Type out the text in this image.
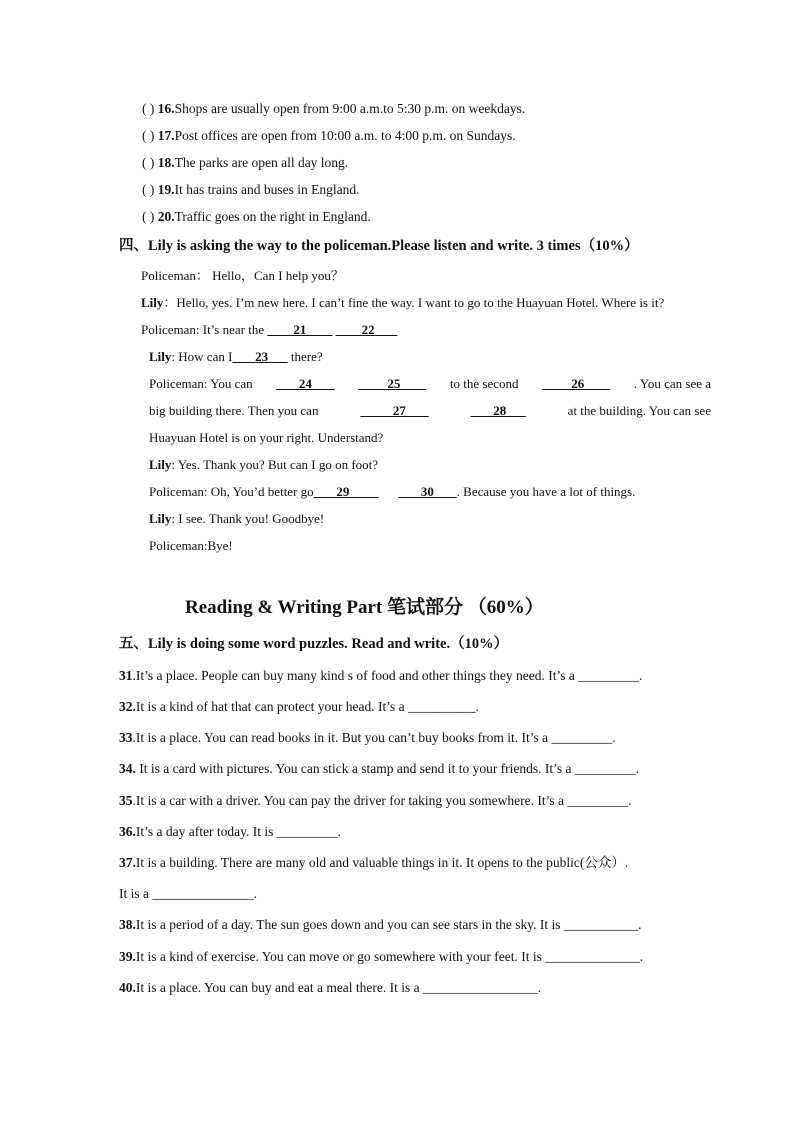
( ) 16.Shops are usually open from 9:00 a.m.to 5:30 p.m. on weekdays.
( ) 17.Post offices are open from 10:00 a.m. to 4:00 p.m. on Sundays.
( ) 18.The parks are open all day long.
( ) 19.It has trains and buses in England.
( ) 20.Traffic goes on the right in England.
四、Lily is asking the way to the policeman.Please listen and write. 3 times（10%）
Policeman： Hello，Can I help you？
Lily：Hello, yes. I’m new here. I can’t fine the way. I want to go to the Huayuan Hotel. Where is it?
Policeman: It’s near the         21	22
Lily: How can I 23 there?
Policeman: You can	24	25	to the second	26	. You can see a
big building there. Then you can	27	28	at the building. You can see
Huayuan Hotel is on your right. Understand?
Lily: Yes. Thank you? But can I go on foot?
Policeman: Oh, You’d better go 29	30 . Because you have a lot of things.
Lily: I see. Thank you! Goodbye!
Policeman:Bye!
Reading & Writing Part 笔试部分 （60%）
五、Lily is doing some word puzzles. Read and write.（10%）
31.It’s a place. People can buy many kind s of food and other things they need. It’s a _________.
32.It is a kind of hat that can protect your head. It’s a __________.
33.It is a place. You can read books in it. But you can’t buy books from it. It’s a _________.
34. It is a card with pictures. You can stick a stamp and send it to your friends. It’s a _________.
35.It is a car with a driver. You can pay the driver for taking you somewhere. It’s a _________.
36.It’s a day after today. It is _________.
37.It is a building. There are many old and valuable things in it. It opens to the public(公众）.
It is a _______________.
38.It is a period of a day. The sun goes down and you can see stars in the sky. It is ___________.
39.It is a kind of exercise. You can move or go somewhere with your feet. It is ______________.
40.It is a place. You can buy and eat a meal there. It is a _________________.
